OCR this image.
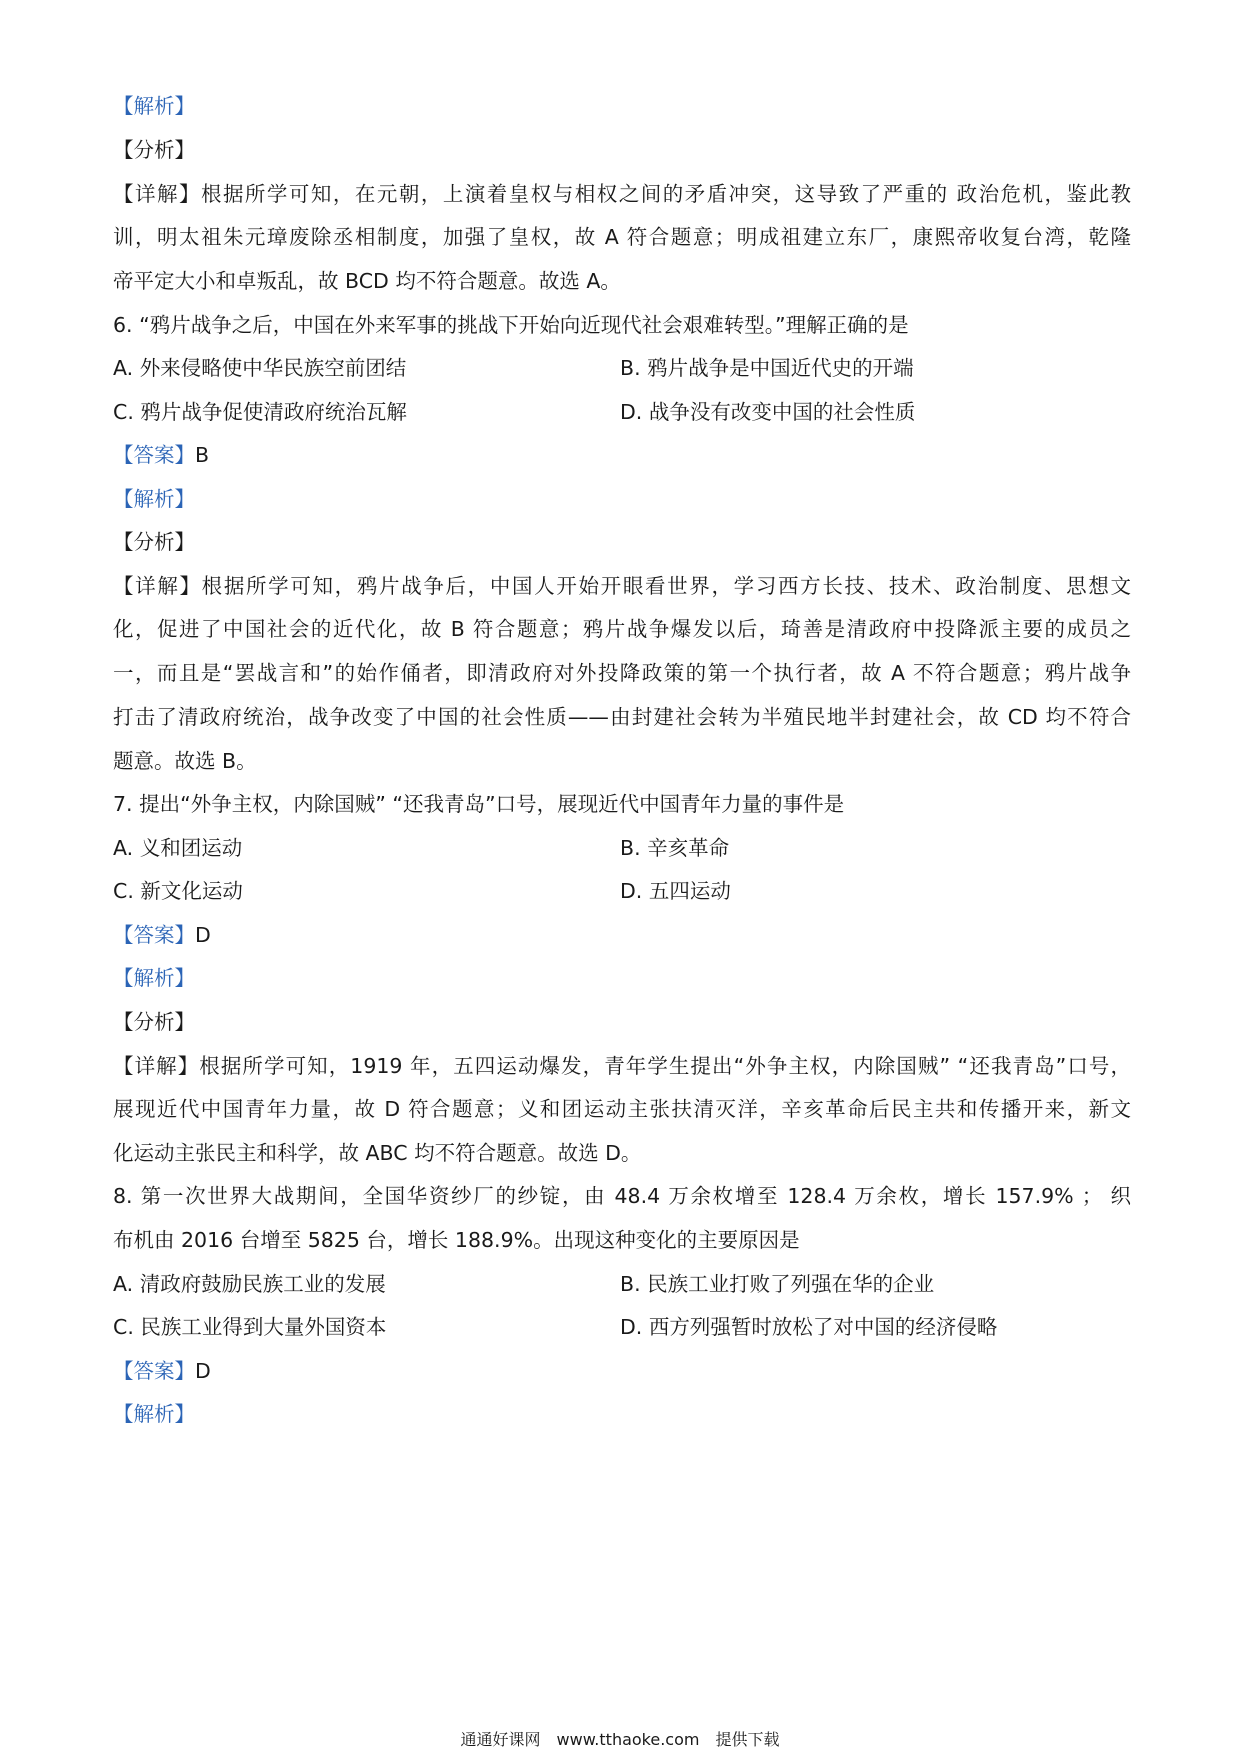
【解析】
【分析】
【详解】根据所学可知，在元朝，上演着皇权与相权之间的矛盾冲突，这导致了严重的 政治危机，鉴此教
训，明太祖朱元璋废除丞相制度，加强了皇权，故 A 符合题意；明成祖建立东厂，康熙帝收复台湾，乾隆
帝平定大小和卓叛乱，故 BCD 均不符合题意。故选 A。
6. “鸦片战争之后，中国在外来军事的挑战下开始向近现代社会艰难转型。”理解正确的是
A. 外来侵略使中华民族空前团结	B. 鸦片战争是中国近代史的开端
C. 鸦片战争促使清政府统治瓦解	D. 战争没有改变中国的社会性质
【答案】B
【解析】
【分析】
【详解】根据所学可知，鸦片战争后，中国人开始开眼看世界，学习西方长技、技术、政治制度、思想文
化，促进了中国社会的近代化，故 B 符合题意；鸦片战争爆发以后，琦善是清政府中投降派主要的成员之
一，而且是“罢战言和”的始作俑者，即清政府对外投降政策的第一个执行者，故 A 不符合题意；鸦片战争
打击了清政府统治，战争改变了中国的社会性质——由封建社会转为半殖民地半封建社会，故 CD 均不符合
题意。故选 B。
7. 提出“外争主权，内除国贼” “还我青岛”口号，展现近代中国青年力量的事件是
A. 义和团运动	B. 辛亥革命
C. 新文化运动	D. 五四运动
【答案】D
【解析】
【分析】
【详解】根据所学可知，1919 年，五四运动爆发，青年学生提出“外争主权，内除国贼” “还我青岛”口号，
展现近代中国青年力量，故 D 符合题意；义和团运动主张扶清灭洋，辛亥革命后民主共和传播开来，新文
化运动主张民主和科学，故 ABC 均不符合题意。故选 D。
8. 第一次世界大战期间，全国华资纱厂的纱锭，由 48.4 万余枚增至 128.4 万余枚，增长 157.9% ； 织
布机由 2016 台增至 5825 台，增长 188.9%。出现这种变化的主要原因是
A. 清政府鼓励民族工业的发展	B. 民族工业打败了列强在华的企业
C. 民族工业得到大量外国资本	D. 西方列强暂时放松了对中国的经济侵略
【答案】D
【解析】
通通好课网 www.tthaoke.com 提供下载
